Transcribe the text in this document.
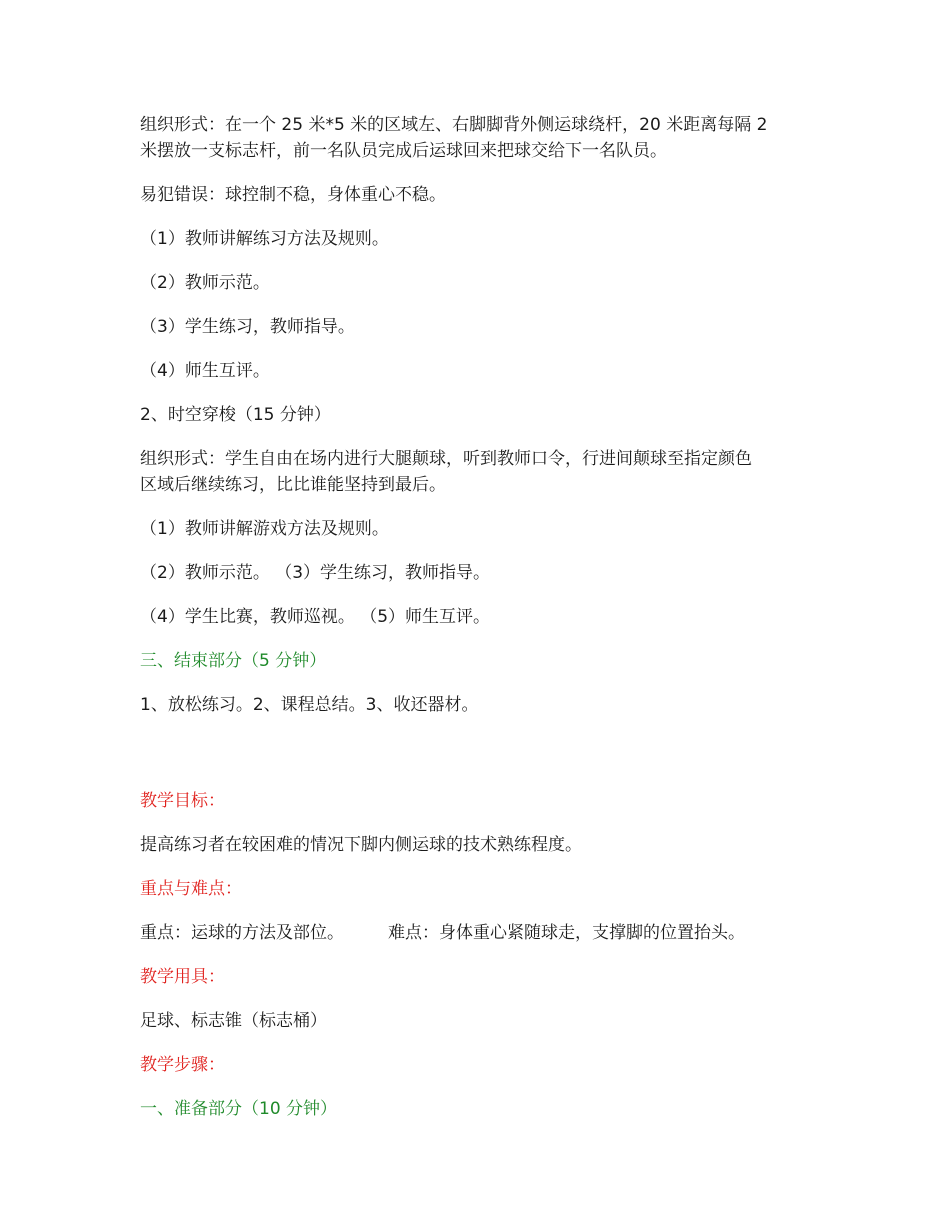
组织形式：在一个 25 米*5 米的区域左、右脚脚背外侧运球绕杆，20 米距离每隔 2

米摆放一支标志杆，前一名队员完成后运球回来把球交给下一名队员。

易犯错误：球控制不稳，身体重心不稳。

（1）教师讲解练习方法及规则。

（2）教师示范。

（3）学生练习，教师指导。

（4）师生互评。

2、时空穿梭（15 分钟）

组织形式：学生自由在场内进行大腿颠球，听到教师口令，行进间颠球至指定颜色

区域后继续练习，比比谁能坚持到最后。

（1）教师讲解游戏方法及规则。

（2）教师示范。 （3）学生练习，教师指导。

（4）学生比赛，教师巡视。 （5）师生互评。

三、结束部分（5 分钟）

1、放松练习。2、课程总结。3、收还器材。

教学目标：

提高练习者在较困难的情况下脚内侧运球的技术熟练程度。

重点与难点：

重点：运球的方法及部位。	难点：身体重心紧随球走，支撑脚的位置抬头。

教学用具：

足球、标志锥（标志桶）

教学步骤：

一、准备部分（10 分钟）
